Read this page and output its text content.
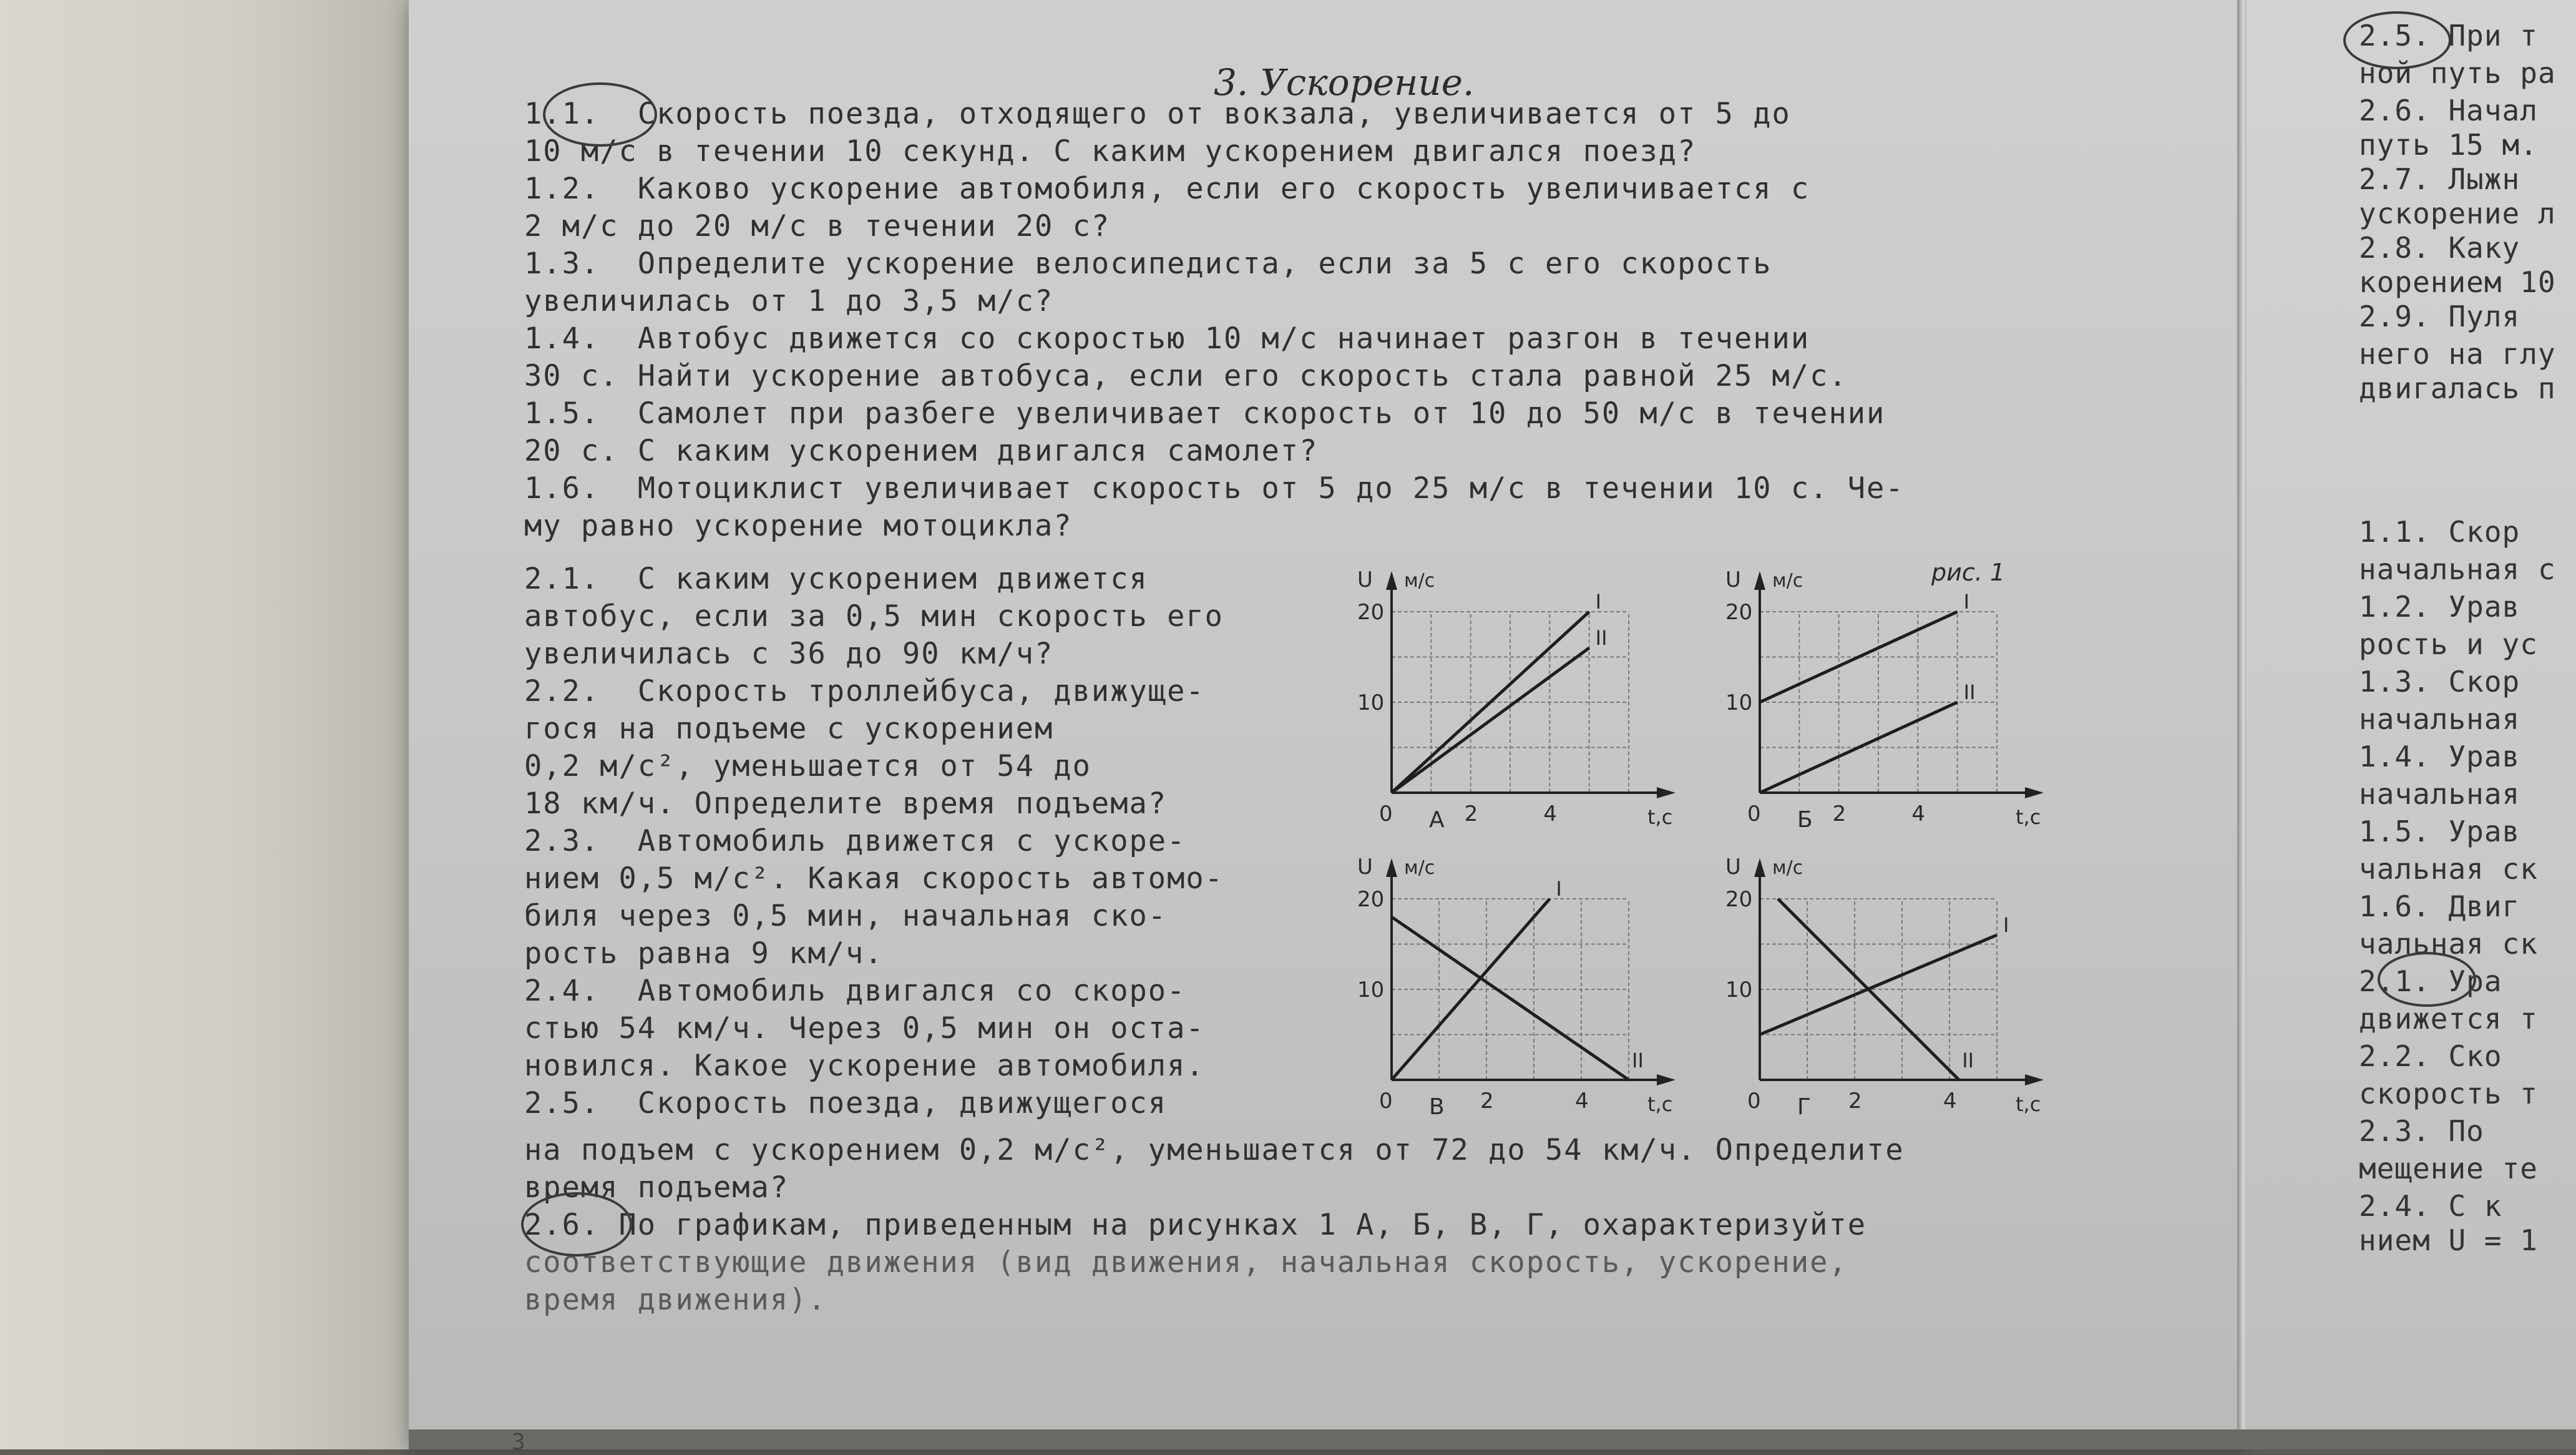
3. Ускорение.
1.1.  Скорость поезда, отходящего от вокзала, увеличивается от 5 до
10 м/с в течении 10 секунд. С каким ускорением двигался поезд?
1.2.  Каково ускорение автомобиля, если его скорость увеличивается с
2 м/с до 20 м/с в течении 20 с?
1.3.  Определите ускорение велосипедиста, если за 5 с его скорость
увеличилась от 1 до 3,5 м/с?
1.4.  Автобус движется со скоростью 10 м/с начинает разгон в течении
30 с. Найти ускорение автобуса, если его скорость стала равной 25 м/с.
1.5.  Самолет при разбеге увеличивает скорость от 10 до 50 м/с в течении
20 с. С каким ускорением двигался самолет?
1.6.  Мотоциклист увеличивает скорость от 5 до 25 м/с в течении 10 с. Че-
му равно ускорение мотоцикла?
2.1.  С каким ускорением движется
автобус, если за 0,5 мин скорость его
увеличилась с 36 до 90 км/ч?
2.2.  Скорость троллейбуса, движуще-
гося на подъеме с ускорением
0,2 м/с², уменьшается от 54 до
18 км/ч. Определите время подъема?
2.3.  Автомобиль движется с ускоре-
нием 0,5 м/с². Какая скорость автомо-
биля через 0,5 мин, начальная ско-
рость равна 9 км/ч.
2.4.  Автомобиль двигался со скоро-
стью 54 км/ч. Через 0,5 мин он оста-
новился. Какое ускорение автомобиля.
2.5.  Скорость поезда, движущегося
на подъем с ускорением 0,2 м/с², уменьшается от 72 до 54 км/ч. Определите
время подъема?
2.6. По графикам, приведенным на рисунках 1 А, Б, В, Г, охарактеризуйте
соответствующие движения (вид движения, начальная скорость, ускорение,
время движения).
3
U м/с
t,c
0	2	4
10
20
А
I
II
U м/с
t,c
0	2	4
10
20
Б
I
II
U м/с
t,c
0	2	4
10
20
В
I
II
U м/с
t,c
0	2	4
10
20
Г
I
II
рис. 1
2.5. При т
ной путь ра
2.6. Начал
путь 15 м.
2.7. Лыжн
ускорение л
2.8. Каку
корением 10
2.9. Пуля
него на глу
двигалась п
1.1. Скор
начальная с
1.2. Урав
рость и ус
1.3. Скор
начальная
1.4. Урав
начальная
1.5. Урав
чальная ск
1.6. Двиг
чальная ск
2.1. Ура
движется т
2.2. Ско
скорость т
2.3. По
мещение те
2.4. С к
нием U = 1
